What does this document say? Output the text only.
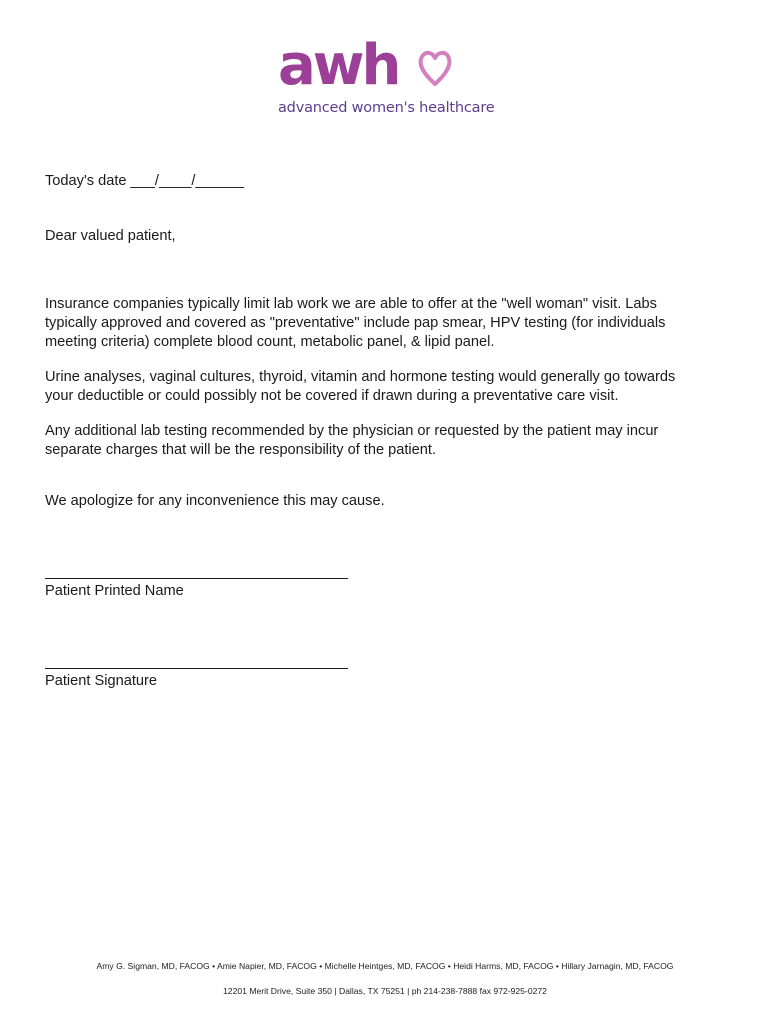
awh
advanced women's healthcare
Today's date ___/____/______
Dear valued patient,
Insurance companies typically limit lab work we are able to offer at the "well woman" visit. Labs
typically approved and covered as "preventative" include pap smear, HPV testing (for individuals
meeting criteria) complete blood count, metabolic panel, & lipid panel.
Urine analyses, vaginal cultures, thyroid, vitamin and hormone testing would generally go towards
your deductible or could possibly not be covered if drawn during a preventative care visit.
Any additional lab testing recommended by the physician or requested by the patient may incur
separate charges that will be the responsibility of the patient.
We apologize for any inconvenience this may cause.
Patient Printed Name
Patient Signature
Amy G. Sigman, MD, FACOG • Amie Napier, MD, FACOG • Michelle Heintges, MD, FACOG • Heidi Harms, MD, FACOG • Hillary Jarnagin, MD, FACOG
12201 Merit Drive, Suite 350 | Dallas, TX 75251 | ph 214-238-7888 fax 972-925-0272
